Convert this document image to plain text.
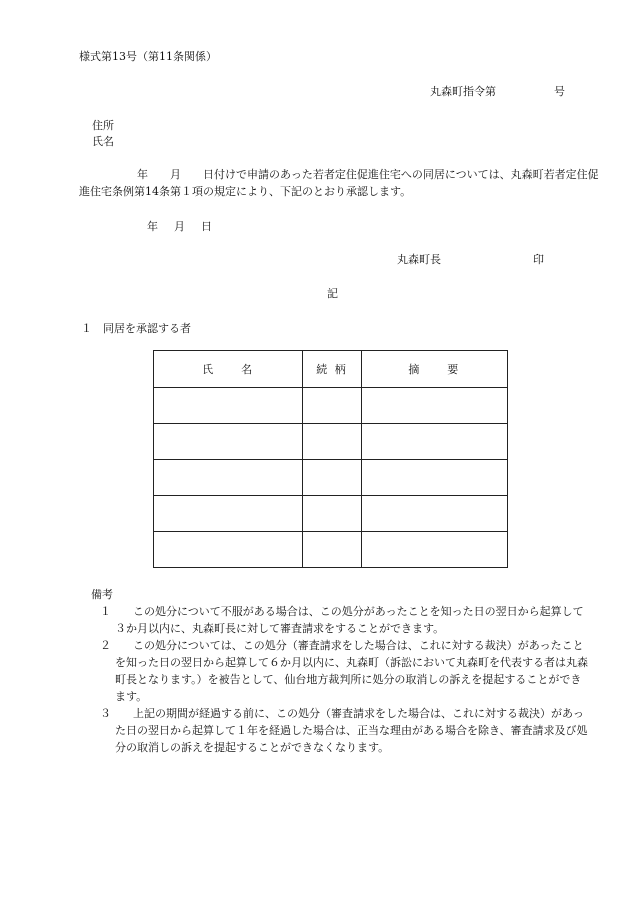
様式第13号（第11条関係）
丸森町指令第	号
住所
氏名
年　　月　　日付けで申請のあった若者定住促進住宅への同居については、丸森町若者定住促進住宅条例第14条第１項の規定により、下記のとおり承認します。
年 月 日
丸森町長	印
記
１　同居を承認する者
氏　　名	続 柄	摘　　要

備考
１ この処分について不服がある場合は、この処分があったことを知った日の翌日から起算して３か月以内に、丸森町長に対して審査請求をすることができます。
２ この処分については、この処分（審査請求をした場合は、これに対する裁決）があったことを知った日の翌日から起算して６か月以内に、丸森町（訴訟において丸森町を代表する者は丸森町長となります。）を被告として、仙台地方裁判所に処分の取消しの訴えを提起することができます。
３ 上記の期間が経過する前に、この処分（審査請求をした場合は、これに対する裁決）があった日の翌日から起算して１年を経過した場合は、正当な理由がある場合を除き、審査請求及び処分の取消しの訴えを提起することができなくなります。
